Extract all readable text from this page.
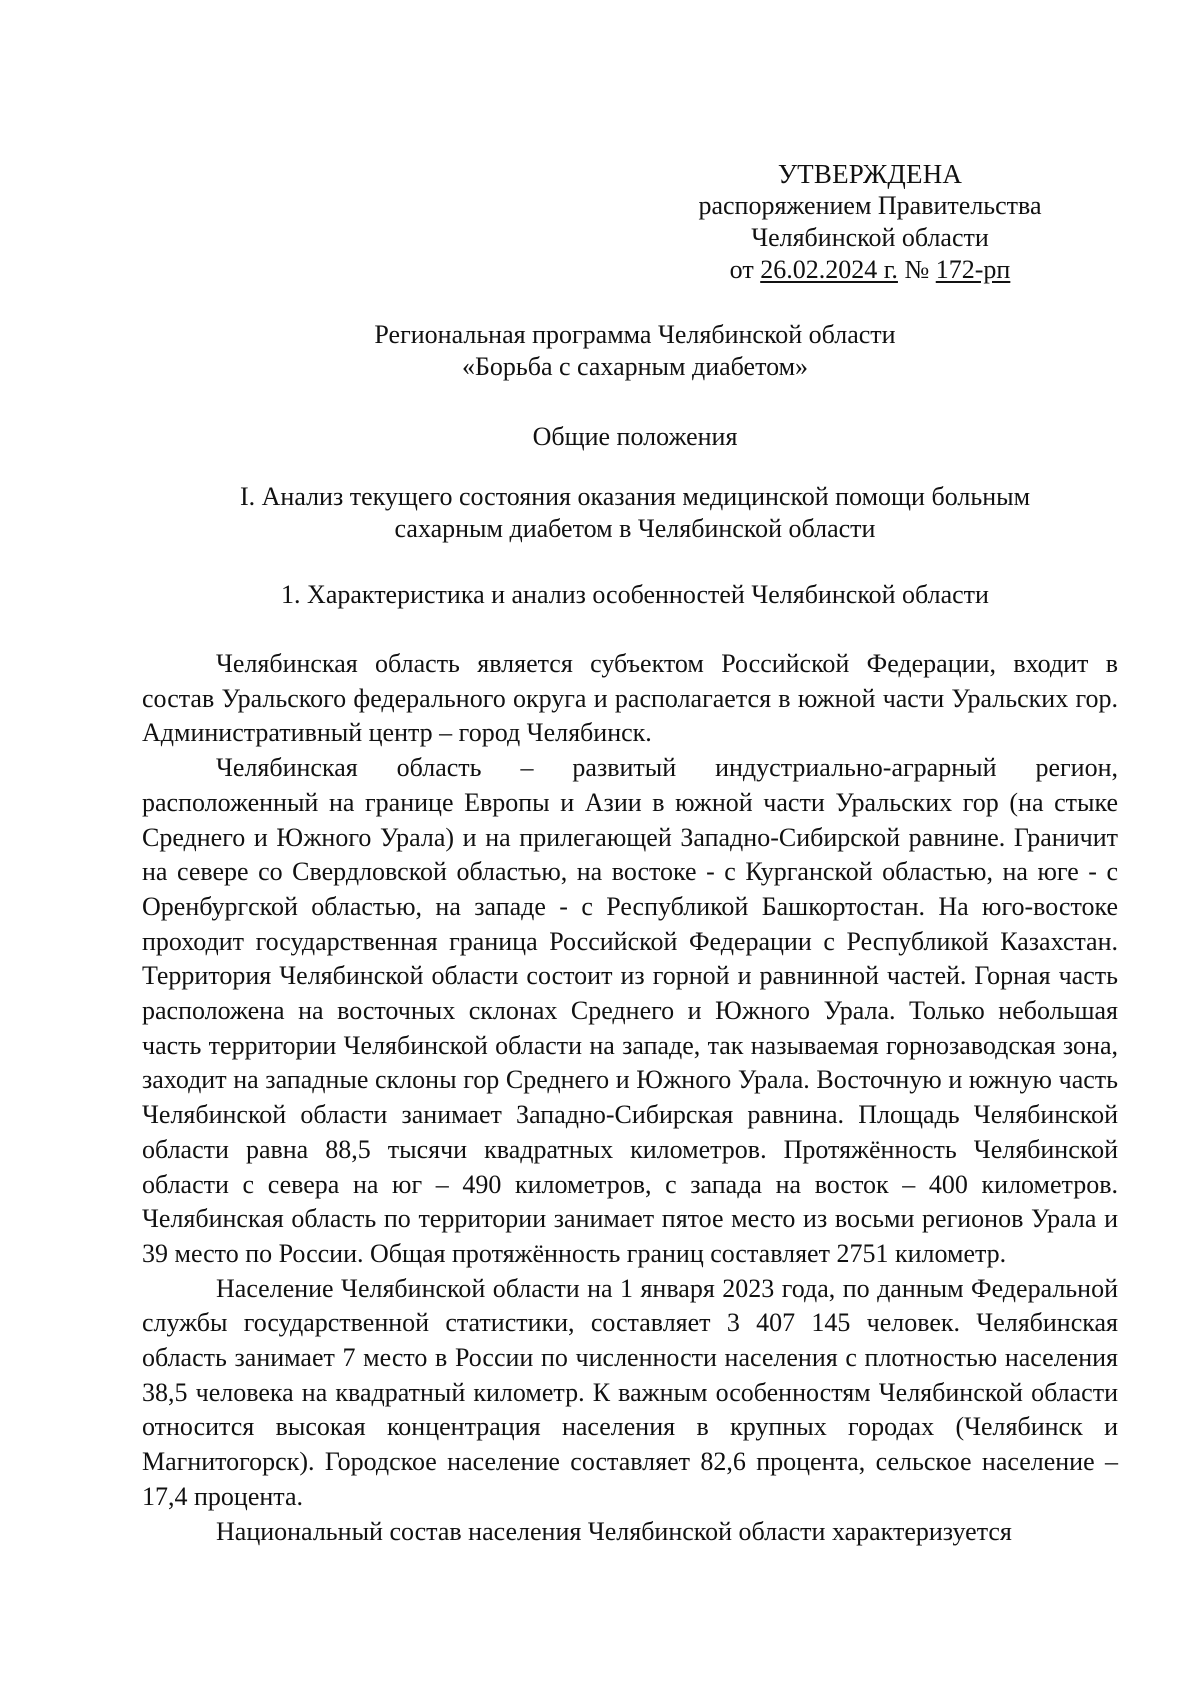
УТВЕРЖДЕНА
распоряжением Правительства
Челябинской области
от 26.02.2024 г. № 172-рп
Региональная программа Челябинской области
«Борьба с сахарным диабетом»
Общие положения
I. Анализ текущего состояния оказания медицинской помощи больным
сахарным диабетом в Челябинской области
1. Характеристика и анализ особенностей Челябинской области

Челябинская область является субъектом Российской Федерации, входит в состав Уральского федерального округа и располагается в южной части Уральских гор. Административный центр – город Челябинск.

Челябинская область – развитый индустриально-аграрный регион, расположенный на границе Европы и Азии в южной части Уральских гор (на стыке Среднего и Южного Урала) и на прилегающей Западно-Сибирской равнине. Граничит на севере со Свердловской областью, на востоке - с Курганской областью, на юге - с Оренбургской областью, на западе - с Республикой Башкортостан. На юго-востоке проходит государственная граница Российской Федерации с Республикой Казахстан. Территория Челябинской области состоит из горной и равнинной частей. Горная часть расположена на восточных склонах Среднего и Южного Урала. Только небольшая часть территории Челябинской области на западе, так называемая горнозаводская зона, заходит на западные склоны гор Среднего и Южного Урала. Восточную и южную часть Челябинской области занимает Западно-Сибирская равнина. Площадь Челябинской области равна 88,5 тысячи квадратных километров. Протяжённость Челябинской области с севера на юг – 490 километров, с запада на восток – 400 километров. Челябинская область по территории занимает пятое место из восьми регионов Урала и 39 место по России. Общая протяжённость границ составляет 2751 километр.

Население Челябинской области на 1 января 2023 года, по данным Федеральной службы государственной статистики, составляет 3 407 145 человек. Челябинская область занимает 7 место в России по численности населения с плотностью населения 38,5 человека на квадратный километр. К важным особенностям Челябинской области относится высокая концентрация населения в крупных городах (Челябинск и Магнитогорск). Городское население составляет 82,6 процента, сельское население – 17,4 процента.

Национальный состав населения Челябинской области характеризуется
